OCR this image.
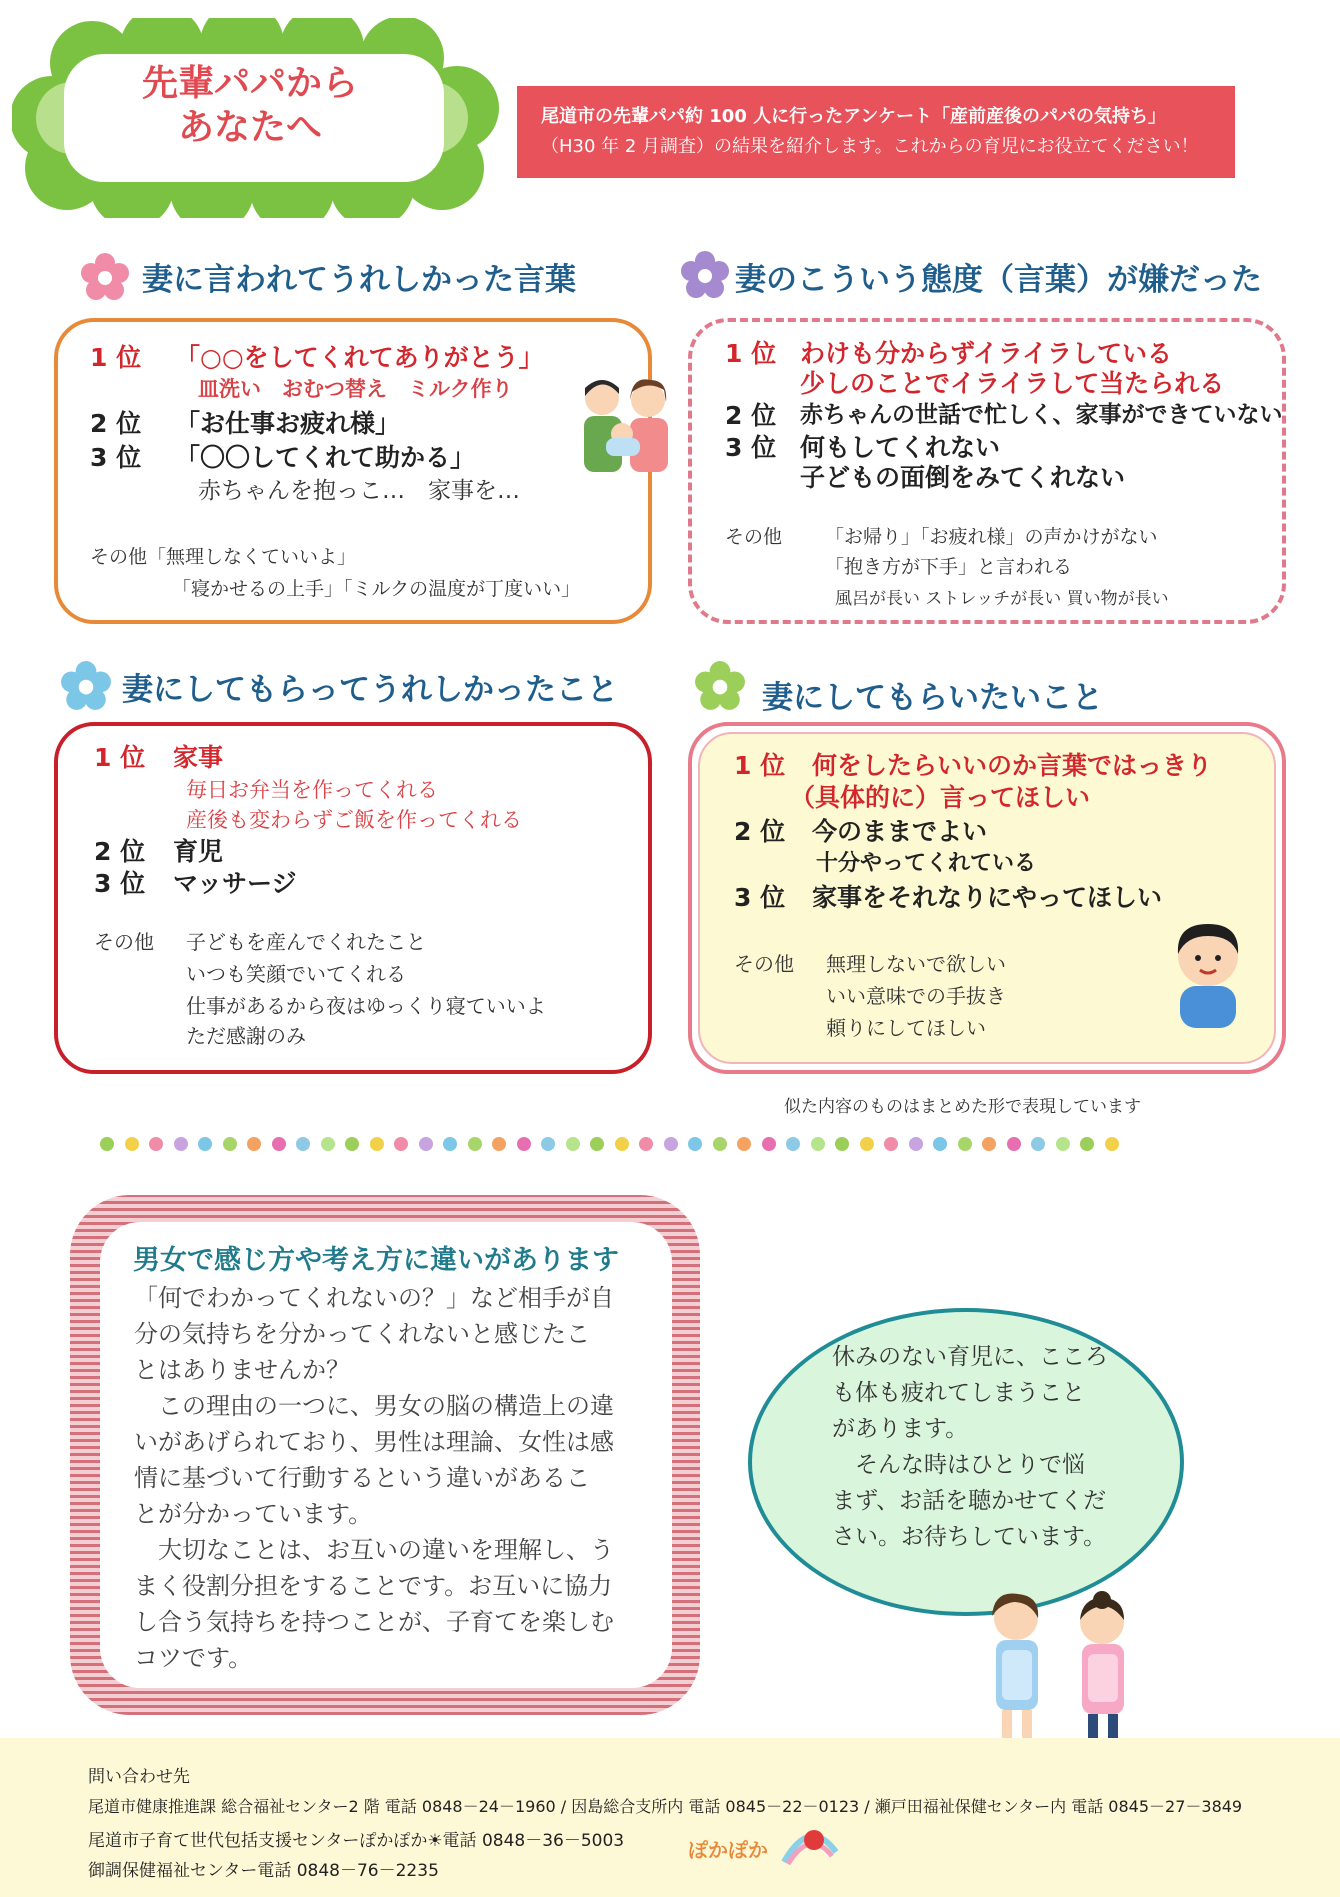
先輩パパから
あなたへ	尾道市の先輩パパ約 100 人に行ったアンケート「産前産後のパパの気持ち」
（H30 年 2 月調査）の結果を紹介します。これからの育児にお役立てください！
妻に言われてうれしかった言葉	妻のこういう態度（言葉）が嫌だった
1 位 「○○をしてくれてありがとう」
皿洗い　おむつ替え　ミルク作り
2 位 「お仕事お疲れ様」
3 位 「〇〇してくれて助かる」
赤ちゃんを抱っこ…　家事を…
その他「無理しなくていいよ」
「寝かせるの上手」「ミルクの温度が丁度いい」
1 位 わけも分からずイライラしている
少しのことでイライラして当たられる
2 位 赤ちゃんの世話で忙しく、家事ができていない
3 位 何もしてくれない
子どもの面倒をみてくれない
その他 「お帰り」「お疲れ様」の声かけがない
「抱き方が下手」と言われる
風呂が長い ストレッチが長い 買い物が長い
妻にしてもらってうれしかったこと	妻にしてもらいたいこと
1 位 家事
毎日お弁当を作ってくれる
産後も変わらずご飯を作ってくれる
2 位 育児
3 位 マッサージ
その他 子どもを産んでくれたこと
いつも笑顔でいてくれる
仕事があるから夜はゆっくり寝ていいよ
ただ感謝のみ
1 位 何をしたらいいのか言葉ではっきり
（具体的に）言ってほしい
2 位 今のままでよい
十分やってくれている
3 位 家事をそれなりにやってほしい
その他 無理しないで欲しい
いい意味での手抜き
頼りにしてほしい
似た内容のものはまとめた形で表現しています
男女で感じ方や考え方に違いがあります
「何でわかってくれないの？」など相手が自
分の気持ちを分かってくれないと感じたこ
とはありませんか？
　この理由の一つに、男女の脳の構造上の違
いがあげられており、男性は理論、女性は感
情に基づいて行動するという違いがあるこ
とが分かっています。
　大切なことは、お互いの違いを理解し、う
まく役割分担をすることです。お互いに協力
し合う気持ちを持つことが、子育てを楽しむ
コツです。
休みのない育児に、こころ
も体も疲れてしまうこと
があります。
　そんな時はひとりで悩
まず、お話を聴かせてくだ
さい。お待ちしています。
問い合わせ先
尾道市健康推進課 総合福祉センター2 階 電話 0848－24－1960 / 因島総合支所内 電話 0845－22－0123 / 瀬戸田福祉保健センター内 電話 0845－27－3849
尾道市子育て世代包括支援センターぽかぽか☀電話 0848－36－5003
御調保健福祉センター電話 0848－76－2235
ぽかぽか
